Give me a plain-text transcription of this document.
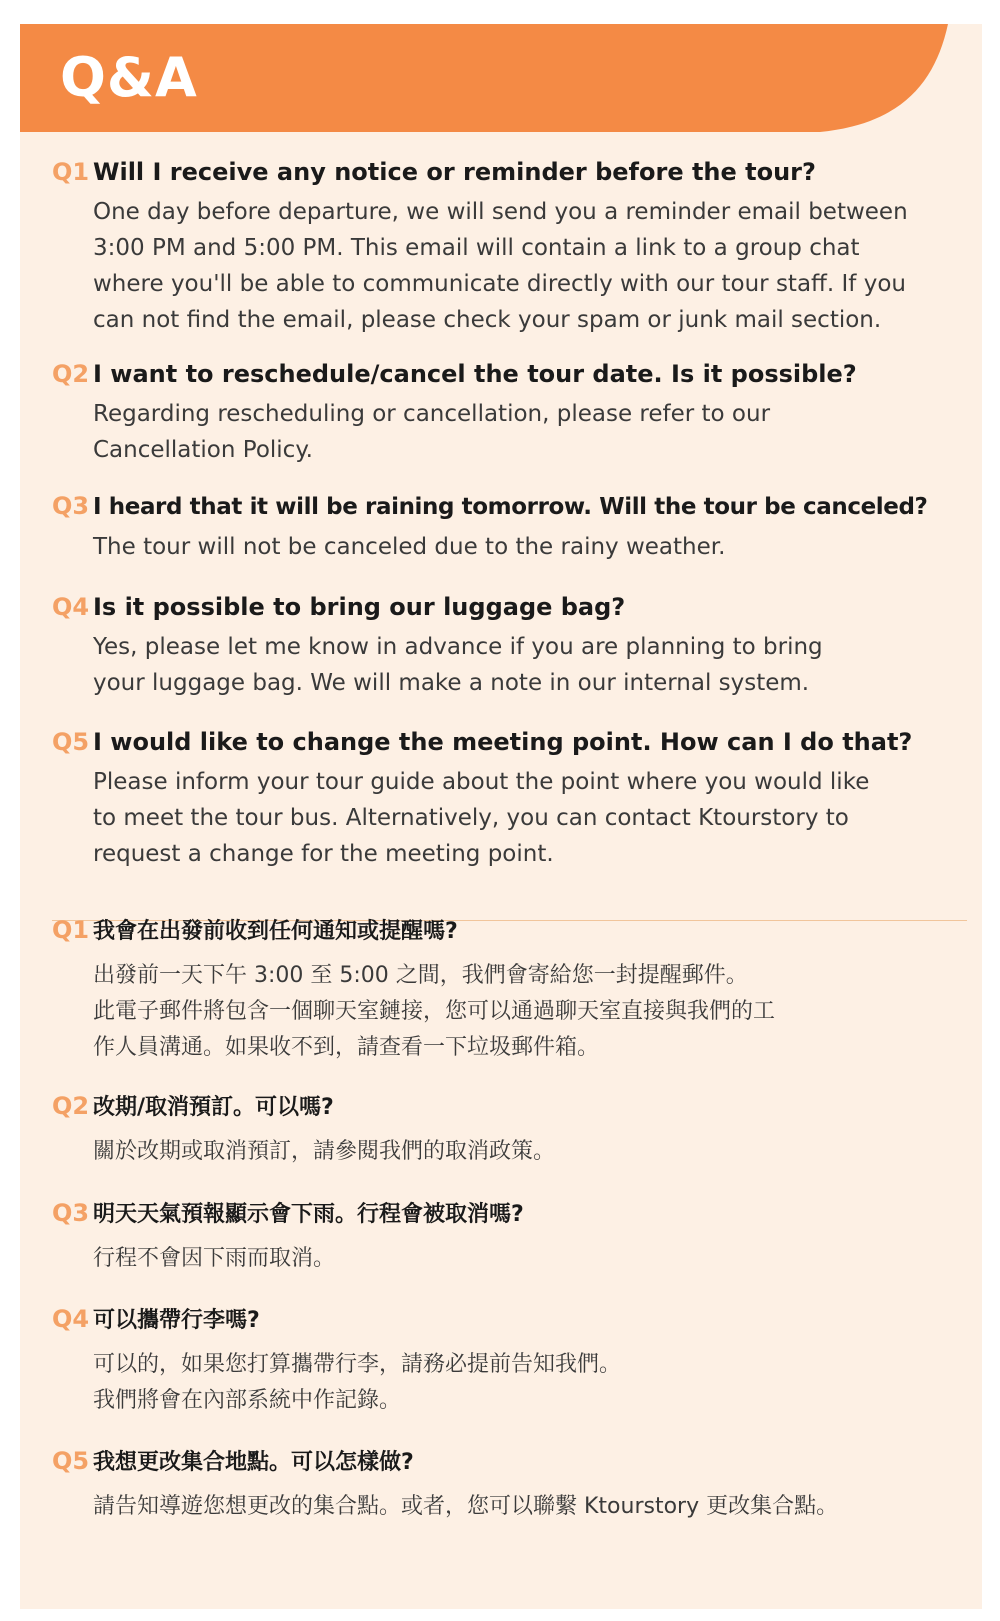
Q&A
Q1 Will I receive any notice or reminder before the tour?
One day before departure, we will send you a reminder email between
3:00 PM and 5:00 PM. This email will contain a link to a group chat
where you'll be able to communicate directly with our tour staff. If you
can not find the email, please check your spam or junk mail section.
Q2 I want to reschedule/cancel the tour date. Is it possible?
Regarding rescheduling or cancellation, please refer to our
Cancellation Policy.
Q3 I heard that it will be raining tomorrow. Will the tour be canceled?
The tour will not be canceled due to the rainy weather.
Q4 Is it possible to bring our luggage bag?
Yes, please let me know in advance if you are planning to bring
your luggage bag. We will make a note in our internal system.
Q5 I would like to change the meeting point. How can I do that?
Please inform your tour guide about the point where you would like
to meet the tour bus. Alternatively, you can contact Ktourstory to
request a change for the meeting point.
Q1 我會在出發前收到任何通知或提醒嗎?
出發前一天下午 3:00 至 5:00 之間，我們會寄給您一封提醒郵件。
此電子郵件將包含一個聊天室鏈接，您可以通過聊天室直接與我們的工
作人員溝通。如果收不到，請查看一下垃圾郵件箱。
Q2 改期/取消預訂。可以嗎?
關於改期或取消預訂，請參閱我們的取消政策。
Q3 明天天氣預報顯示會下雨。行程會被取消嗎?
行程不會因下雨而取消。
Q4 可以攜帶行李嗎?
可以的，如果您打算攜帶行李，請務必提前告知我們。
我們將會在內部系統中作記錄。
Q5 我想更改集合地點。可以怎樣做?
請告知導遊您想更改的集合點。或者，您可以聯繫 Ktourstory 更改集合點。
